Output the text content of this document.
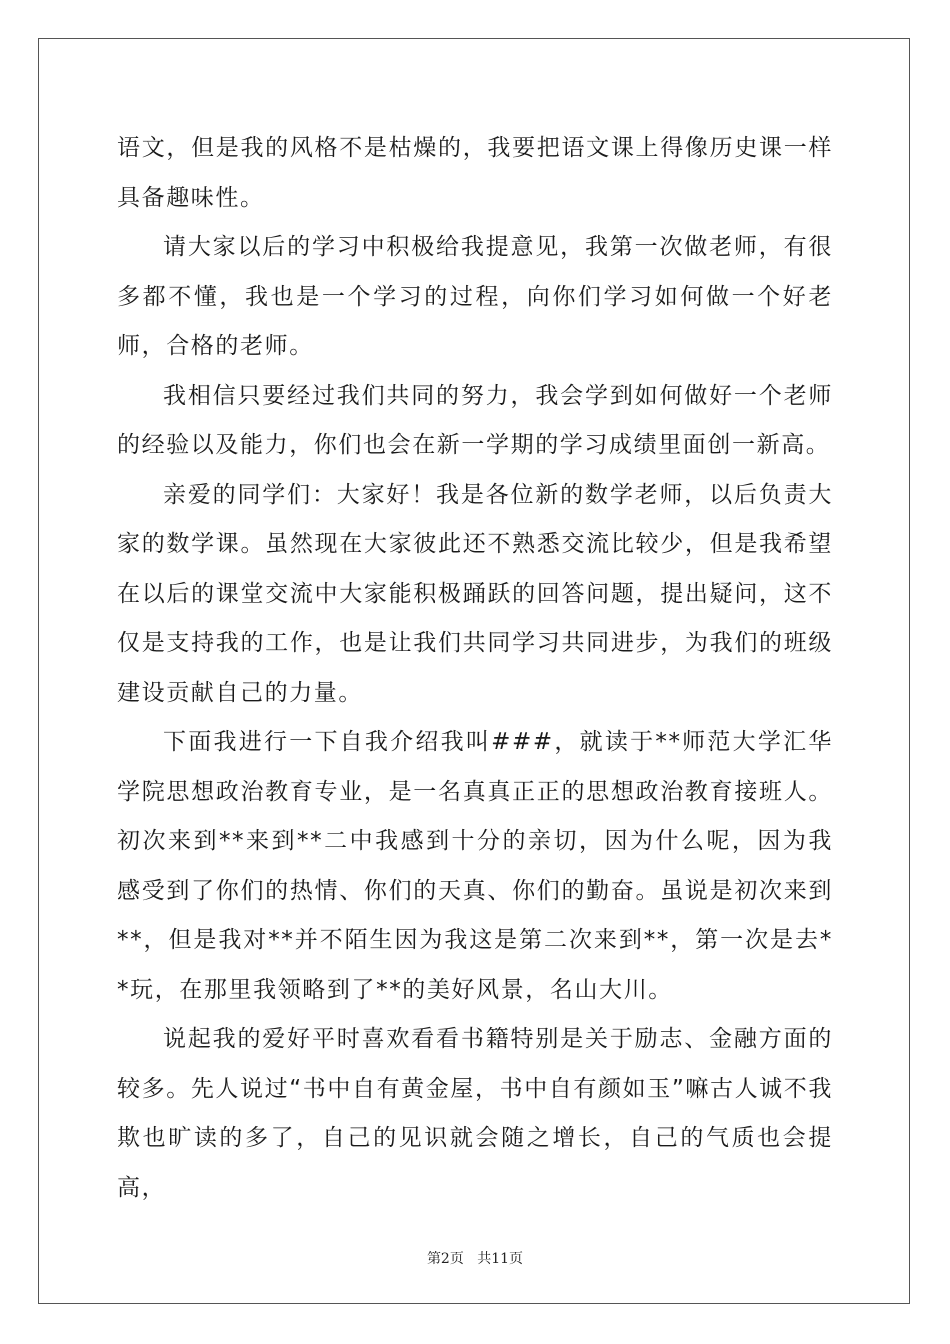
语文，但是我的风格不是枯燥的，我要把语文课上得像历史课一样具备趣味性。

请大家以后的学习中积极给我提意见，我第一次做老师，有很多都不懂，我也是一个学习的过程，向你们学习如何做一个好老师，合格的老师。

我相信只要经过我们共同的努力，我会学到如何做好一个老师的经验以及能力，你们也会在新一学期的学习成绩里面创一新高。

亲爱的同学们：大家好！我是各位新的数学老师，以后负责大家的数学课。虽然现在大家彼此还不熟悉交流比较少，但是我希望在以后的课堂交流中大家能积极踊跃的回答问题，提出疑问，这不仅是支持我的工作，也是让我们共同学习共同进步，为我们的班级建设贡献自己的力量。

下面我进行一下自我介绍我叫###，就读于**师范大学汇华学院思想政治教育专业，是一名真真正正的思想政治教育接班人。初次来到**来到**二中我感到十分的亲切，因为什么呢，因为我感受到了你们的热情、你们的天真、你们的勤奋。虽说是初次来到**，但是我对**并不陌生因为我这是第二次来到**，第一次是去**玩，在那里我领略到了**的美好风景，名山大川。

说起我的爱好平时喜欢看看书籍特别是关于励志、金融方面的较多。先人说过“书中自有黄金屋，书中自有颜如玉”嘛古人诚不我欺也旷读的多了，自己的见识就会随之增长，自己的气质也会提高，

第2页 共11页
